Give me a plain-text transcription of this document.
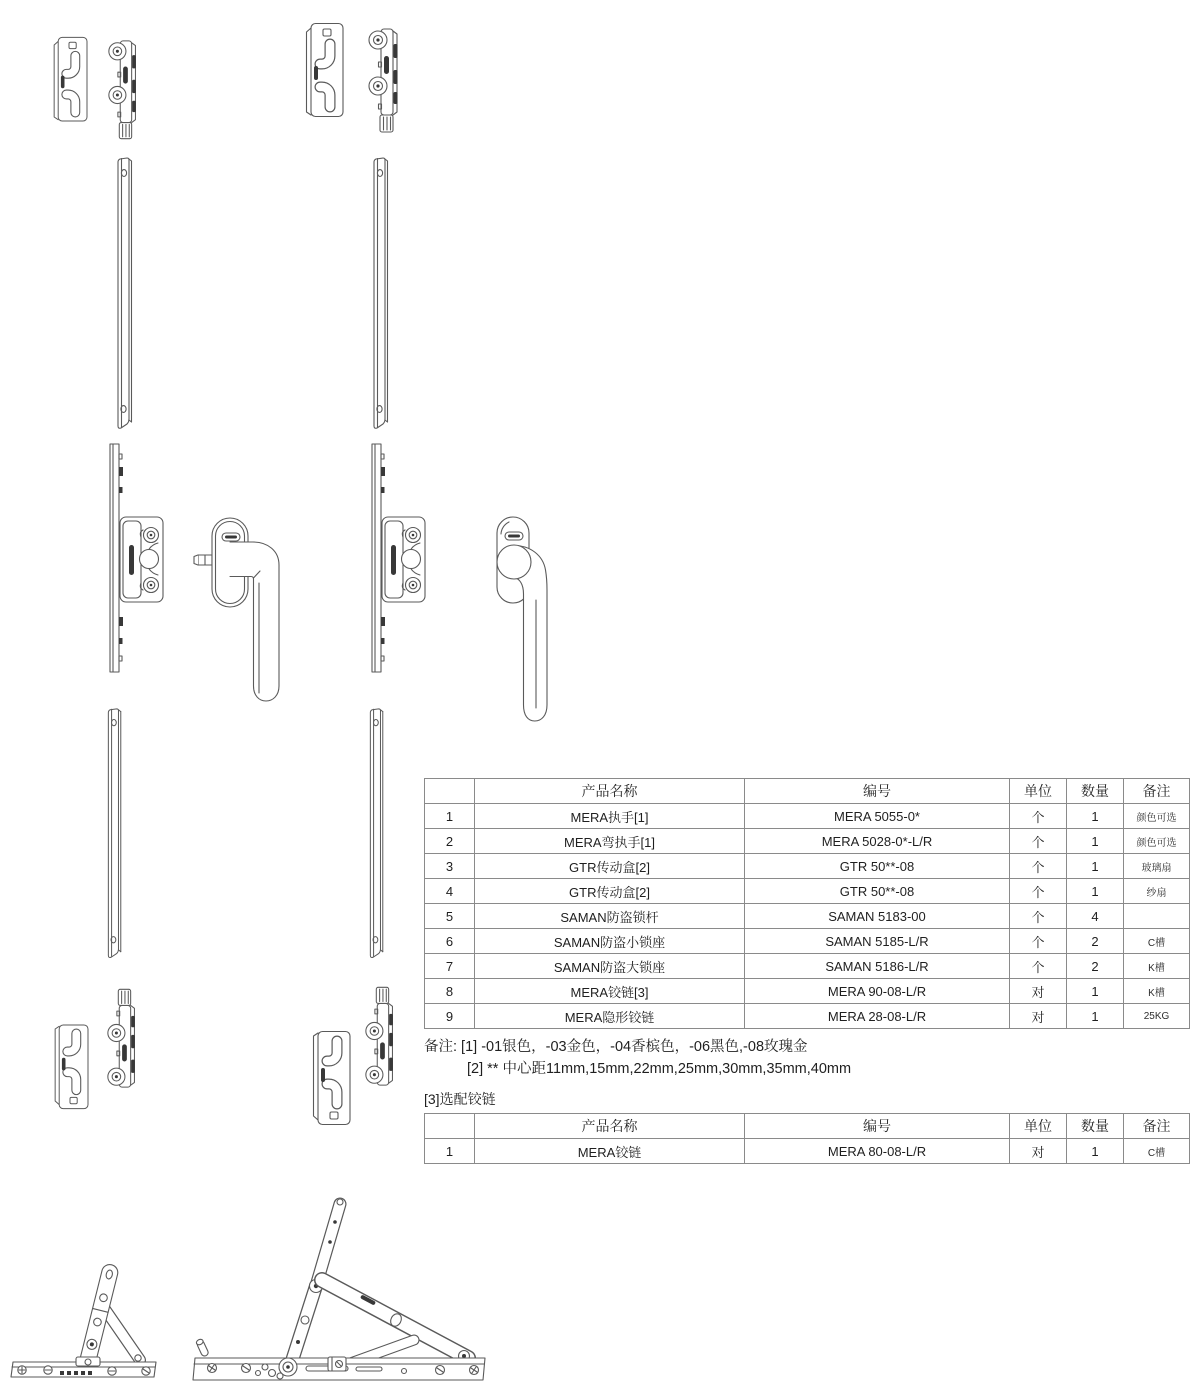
	产品名称	编号	单位	数量	备注
1	MERA执手[1]	MERA 5055-0*	个	1	颜色可选
2	MERA弯执手[1]	MERA 5028-0*-L/R	个	1	颜色可选
3	GTR传动盒[2]	GTR 50**-08	个	1	玻璃扇
4	GTR传动盒[2]	GTR 50**-08	个	1	纱扇
5	SAMAN防盗锁杆	SAMAN 5183-00	个	4	
6	SAMAN防盗小锁座	SAMAN 5185-L/R	个	2	C槽
7	SAMAN防盗大锁座	SAMAN 5186-L/R	个	2	K槽
8	MERA铰链[3]	MERA 90-08-L/R	对	1	K槽
9	MERA隐形铰链	MERA 28-08-L/R	对	1	25KG
备注: [1] -01银色，-03金色，-04香槟色，-06黑色,-08玫瑰金
[2] ** 中心距11mm,15mm,22mm,25mm,30mm,35mm,40mm
[3]选配铰链
	产品名称	编号	单位	数量	备注
1	MERA铰链	MERA 80-08-L/R	对	1	C槽
